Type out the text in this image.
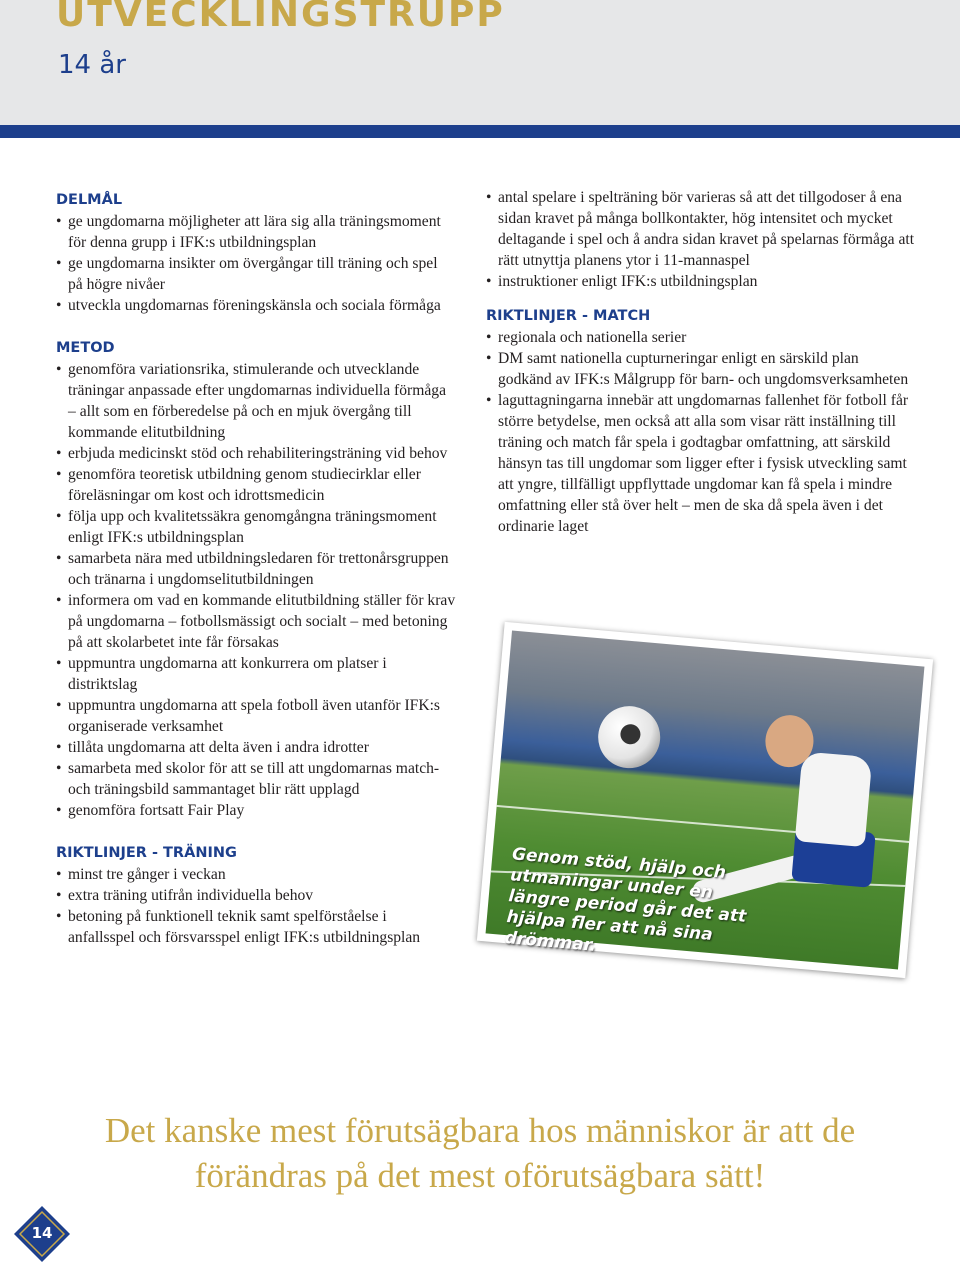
UTVECKLINGSTRUPP
14 år
DELMÅL
• ge ungdomarna möjligheter att lära sig alla träningsmoment för denna grupp i IFK:s utbildningsplan
• ge ungdomarna insikter om övergångar till träning och spel på högre nivåer
• utveckla ungdomarnas föreningskänsla och sociala förmåga
METOD
• genomföra variationsrika, stimulerande och utvecklande träningar anpassade efter ungdomarnas individuella förmåga – allt som en förberedelse på och en mjuk övergång till kommande elitutbildning
• erbjuda medicinskt stöd och rehabiliteringsträning vid behov
• genomföra teoretisk utbildning genom studiecirklar eller föreläsningar om kost och idrottsmedicin
• följa upp och kvalitetssäkra genomgångna träningsmoment enligt IFK:s utbildningsplan
• samarbeta nära med utbildningsledaren för trettonårsgruppen och tränarna i ungdomselitutbildningen
• informera om vad en kommande elitutbildning ställer för krav på ungdomarna – fotbollsmässigt och socialt – med betoning på att skolarbetet inte får försakas
• uppmuntra ungdomarna att konkurrera om platser i distriktslag
• uppmuntra ungdomarna att spela fotboll även utanför IFK:s organiserade verksamhet
• tillåta ungdomarna att delta även i andra idrotter
• samarbeta med skolor för att se till att ungdomarnas match- och träningsbild sammantaget blir rätt upplagd
• genomföra fortsatt Fair Play
RIKTLINJER - TRÄNING
• minst tre gånger i veckan
• extra träning utifrån individuella behov
• betoning på funktionell teknik samt spelförståelse i anfallsspel och försvarsspel enligt IFK:s utbildningsplan
• antal spelare i spelträning bör varieras så att det tillgodoser å ena sidan kravet på många bollkontakter, hög intensitet och mycket deltagande i spel och å andra sidan kravet på spelarnas förmåga att rätt utnyttja planens ytor i 11-mannaspel
• instruktioner enligt IFK:s utbildningsplan
RIKTLINJER - MATCH
• regionala och nationella serier
• DM samt nationella cupturneringar enligt en särskild plan godkänd av IFK:s Målgrupp för barn- och ungdomsverksamheten
• laguttagningarna innebär att ungdomarnas fallenhet för fotboll får större betydelse, men också att alla som visar rätt inställning till träning och match får spela i godtagbar omfattning, att särskild hänsyn tas till ungdomar som ligger efter i fysisk utveckling samt att yngre, tillfälligt uppflyttade ungdomar kan få spela i mindre omfattning eller stå över helt – men de ska då spela även i det ordinarie laget
Genom stöd, hjälp och utmaningar under en längre period går det att hjälpa fler att nå sina drömmar.
Det kanske mest förutsägbara hos människor är att de förändras på det mest oförutsägbara sätt!
14
